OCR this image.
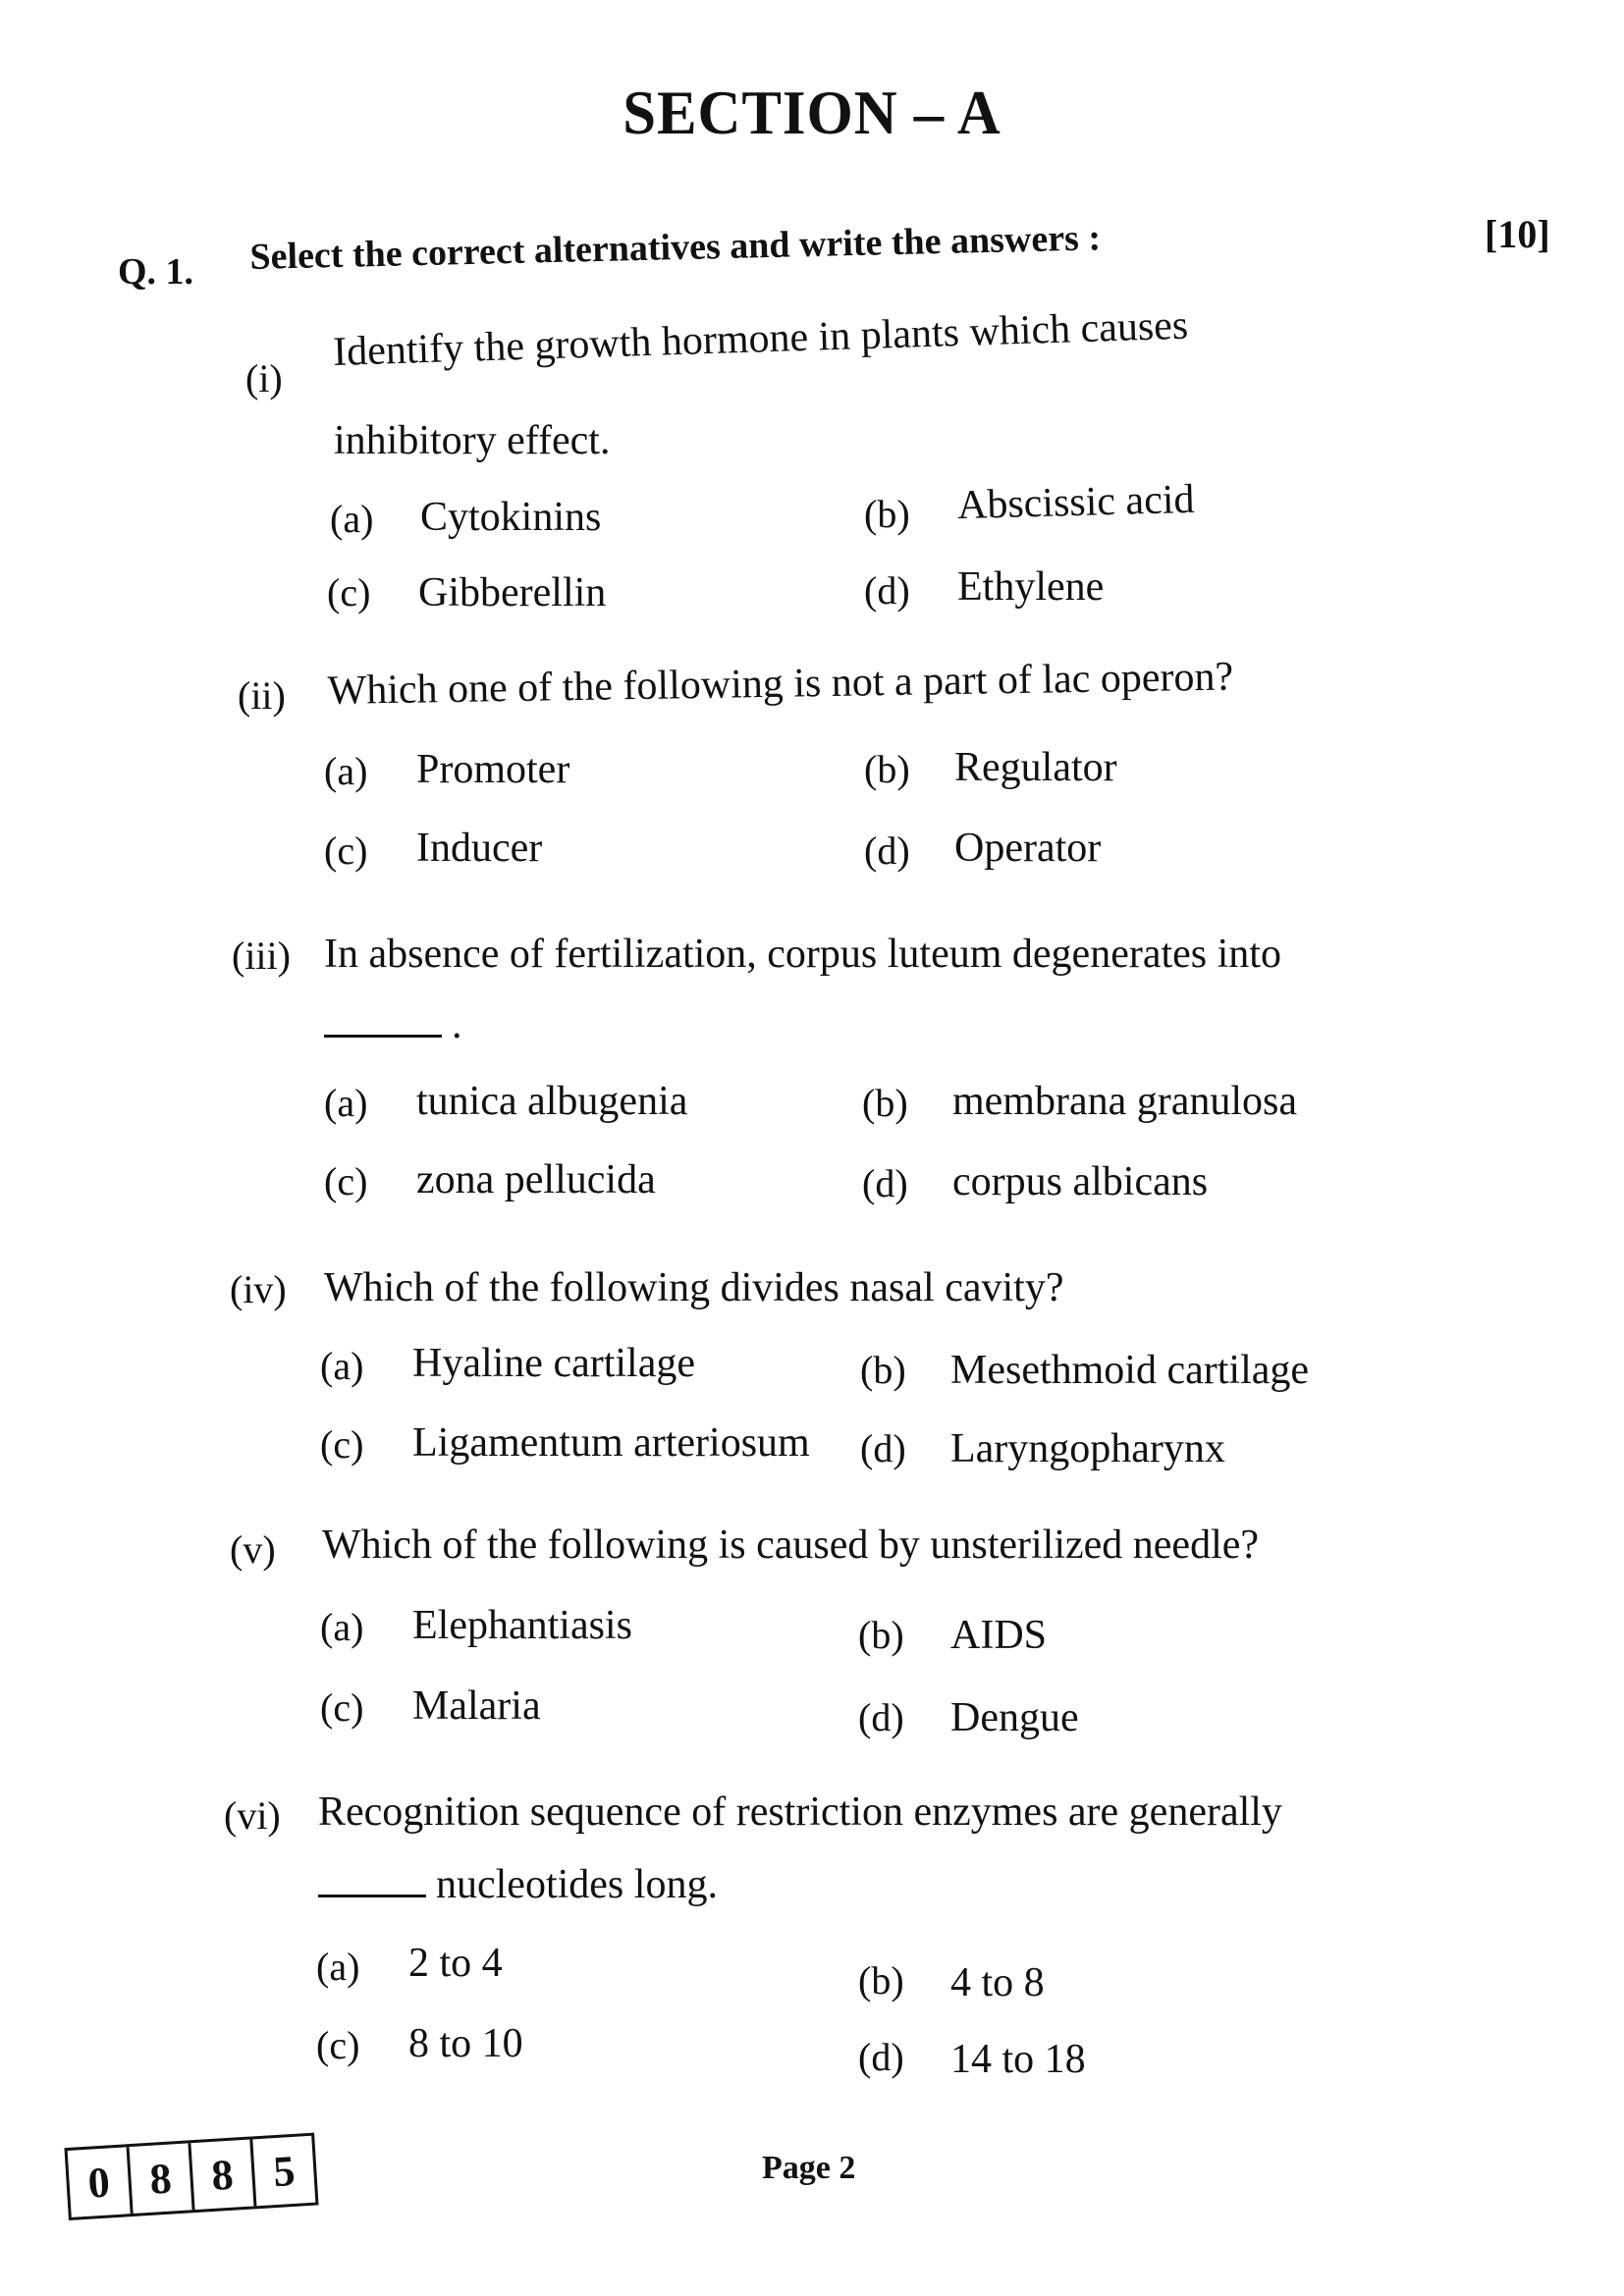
SECTION – A
Q. 1. Select the correct alternatives and write the answers :	[10]
(i)
Identify the growth hormone in plants which causes
inhibitory effect.
(a) Cytokinins	(b) Abscissic acid
(c) Gibberellin	(d) Ethylene
(ii) Which one of the following is not a part of lac operon?
(a) Promoter	(b) Regulator
(c) Inducer	(d) Operator
(iii) In absence of fertilization, corpus luteum degenerates into
.
(a) tunica albugenia	(b) membrana granulosa
(c) zona pellucida	(d) corpus albicans
(iv) Which of the following divides nasal cavity?
(a) Hyaline cartilage	(b) Mesethmoid cartilage
(c) Ligamentum arteriosum (d) Laryngopharynx
(v) Which of the following is caused by unsterilized needle?
(a) Elephantiasis	(b) AIDS
(c) Malaria	(d) Dengue
(vi) Recognition sequence of restriction enzymes are generally
nucleotides long.
(a) 2 to 4	(b) 4 to 8
(c) 8 to 10	(d) 14 to 18
0 8 8 5	Page 2
